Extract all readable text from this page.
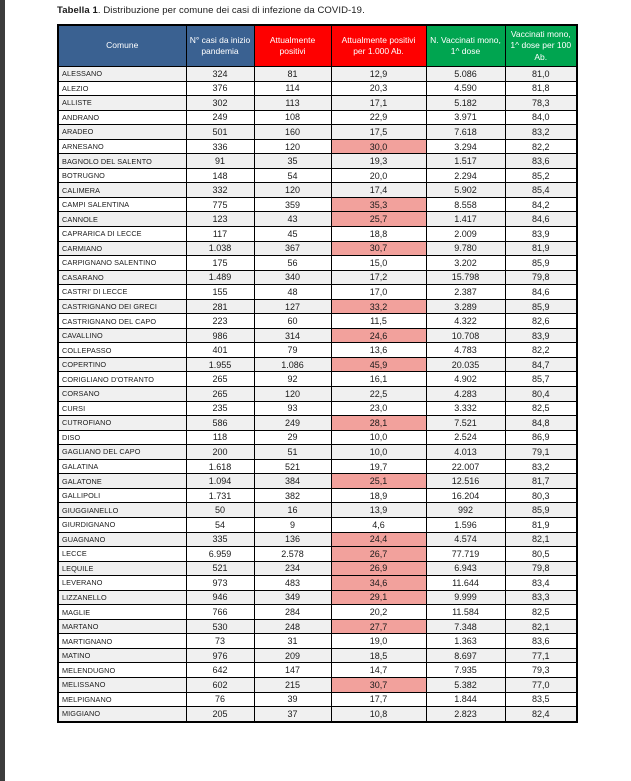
Tabella 1. Distribuzione per comune dei casi di infezione da COVID-19.

Comune	N° casi da inizio pandemia	Attualmente positivi	Attualmente positivi per 1.000 Ab.	N. Vaccinati mono, 1^ dose	Vaccinati mono, 1^ dose per 100 Ab.
ALESSANO	324	81	12,9	5.086	81,0
ALEZIO	376	114	20,3	4.590	81,8
ALLISTE	302	113	17,1	5.182	78,3
ANDRANO	249	108	22,9	3.971	84,0
ARADEO	501	160	17,5	7.618	83,2
ARNESANO	336	120	30,0	3.294	82,2
BAGNOLO DEL SALENTO	91	35	19,3	1.517	83,6
BOTRUGNO	148	54	20,0	2.294	85,2
CALIMERA	332	120	17,4	5.902	85,4
CAMPI SALENTINA	775	359	35,3	8.558	84,2
CANNOLE	123	43	25,7	1.417	84,6
CAPRARICA DI LECCE	117	45	18,8	2.009	83,9
CARMIANO	1.038	367	30,7	9.780	81,9
CARPIGNANO SALENTINO	175	56	15,0	3.202	85,9
CASARANO	1.489	340	17,2	15.798	79,8
CASTRI' DI LECCE	155	48	17,0	2.387	84,6
CASTRIGNANO DEI GRECI	281	127	33,2	3.289	85,9
CASTRIGNANO DEL CAPO	223	60	11,5	4.322	82,6
CAVALLINO	986	314	24,6	10.708	83,9
COLLEPASSO	401	79	13,6	4.783	82,2
COPERTINO	1.955	1.086	45,9	20.035	84,7
CORIGLIANO D'OTRANTO	265	92	16,1	4.902	85,7
CORSANO	265	120	22,5	4.283	80,4
CURSI	235	93	23,0	3.332	82,5
CUTROFIANO	586	249	28,1	7.521	84,8
DISO	118	29	10,0	2.524	86,9
GAGLIANO DEL CAPO	200	51	10,0	4.013	79,1
GALATINA	1.618	521	19,7	22.007	83,2
GALATONE	1.094	384	25,1	12.516	81,7
GALLIPOLI	1.731	382	18,9	16.204	80,3
GIUGGIANELLO	50	16	13,9	992	85,9
GIURDIGNANO	54	9	4,6	1.596	81,9
GUAGNANO	335	136	24,4	4.574	82,1
LECCE	6.959	2.578	26,7	77.719	80,5
LEQUILE	521	234	26,9	6.943	79,8
LEVERANO	973	483	34,6	11.644	83,4
LIZZANELLO	946	349	29,1	9.999	83,3
MAGLIE	766	284	20,2	11.584	82,5
MARTANO	530	248	27,7	7.348	82,1
MARTIGNANO	73	31	19,0	1.363	83,6
MATINO	976	209	18,5	8.697	77,1
MELENDUGNO	642	147	14,7	7.935	79,3
MELISSANO	602	215	30,7	5.382	77,0
MELPIGNANO	76	39	17,7	1.844	83,5
MIGGIANO	205	37	10,8	2.823	82,4
